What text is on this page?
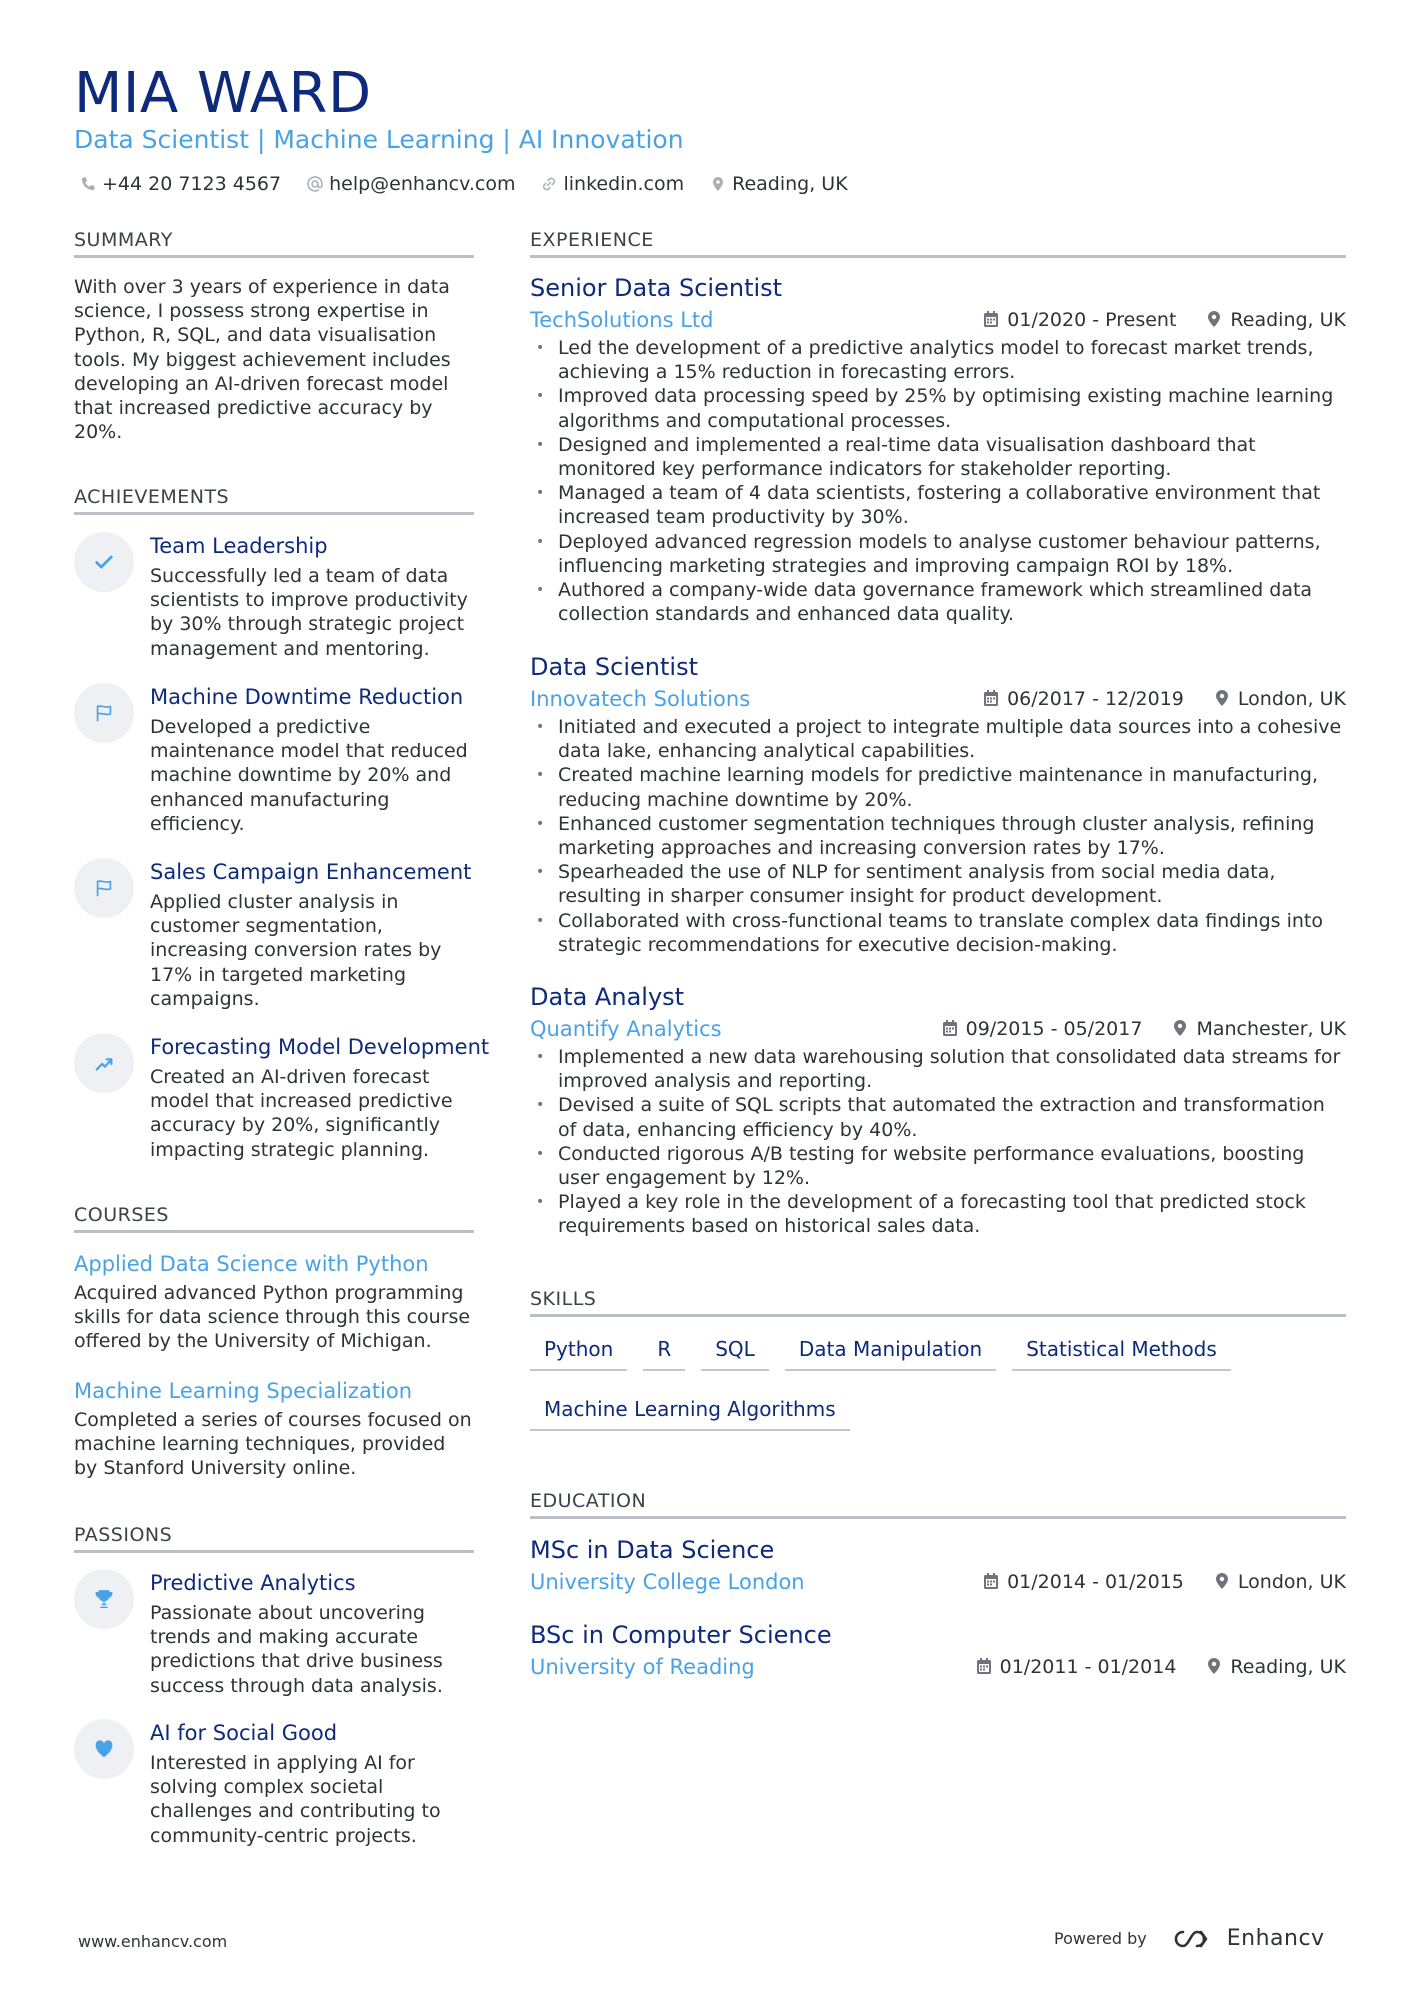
MIA WARD
Data Scientist | Machine Learning | AI Innovation
+44 20 7123 4567	help@enhancv.com	linkedin.com	Reading, UK
SUMMARY
With over 3 years of experience in data science, I possess strong expertise in Python, R, SQL, and data visualisation tools. My biggest achievement includes developing an AI-driven forecast model that increased predictive accuracy by 20%.
ACHIEVEMENTS
Team Leadership
Successfully led a team of data scientists to improve productivity by 30% through strategic project management and mentoring.
Machine Downtime Reduction
Developed a predictive maintenance model that reduced machine downtime by 20% and enhanced manufacturing efficiency.
Sales Campaign Enhancement
Applied cluster analysis in customer segmentation, increasing conversion rates by 17% in targeted marketing campaigns.
Forecasting Model Development
Created an AI-driven forecast model that increased predictive accuracy by 20%, significantly impacting strategic planning.
COURSES
Applied Data Science with Python
Acquired advanced Python programming skills for data science through this course offered by the University of Michigan.
Machine Learning Specialization
Completed a series of courses focused on machine learning techniques, provided by Stanford University online.
PASSIONS
Predictive Analytics
Passionate about uncovering trends and making accurate predictions that drive business success through data analysis.
AI for Social Good
Interested in applying AI for solving complex societal challenges and contributing to community-centric projects.
EXPERIENCE
Senior Data Scientist
TechSolutions Ltd	01/2020 - Present	Reading, UK
• Led the development of a predictive analytics model to forecast market trends, achieving a 15% reduction in forecasting errors.
• Improved data processing speed by 25% by optimising existing machine learning algorithms and computational processes.
• Designed and implemented a real-time data visualisation dashboard that monitored key performance indicators for stakeholder reporting.
• Managed a team of 4 data scientists, fostering a collaborative environment that increased team productivity by 30%.
• Deployed advanced regression models to analyse customer behaviour patterns, influencing marketing strategies and improving campaign ROI by 18%.
• Authored a company-wide data governance framework which streamlined data collection standards and enhanced data quality.
Data Scientist
Innovatech Solutions	06/2017 - 12/2019	London, UK
• Initiated and executed a project to integrate multiple data sources into a cohesive data lake, enhancing analytical capabilities.
• Created machine learning models for predictive maintenance in manufacturing, reducing machine downtime by 20%.
• Enhanced customer segmentation techniques through cluster analysis, refining marketing approaches and increasing conversion rates by 17%.
• Spearheaded the use of NLP for sentiment analysis from social media data, resulting in sharper consumer insight for product development.
• Collaborated with cross-functional teams to translate complex data findings into strategic recommendations for executive decision-making.
Data Analyst
Quantify Analytics	09/2015 - 05/2017	Manchester, UK
• Implemented a new data warehousing solution that consolidated data streams for improved analysis and reporting.
• Devised a suite of SQL scripts that automated the extraction and transformation of data, enhancing efficiency by 40%.
• Conducted rigorous A/B testing for website performance evaluations, boosting user engagement by 12%.
• Played a key role in the development of a forecasting tool that predicted stock requirements based on historical sales data.
SKILLS
Python	R	SQL	Data Manipulation	Statistical Methods
Machine Learning Algorithms
EDUCATION
MSc in Data Science
University College London	01/2014 - 01/2015	London, UK
BSc in Computer Science
University of Reading	01/2011 - 01/2014	Reading, UK
www.enhancv.com	Powered by	Enhancv
